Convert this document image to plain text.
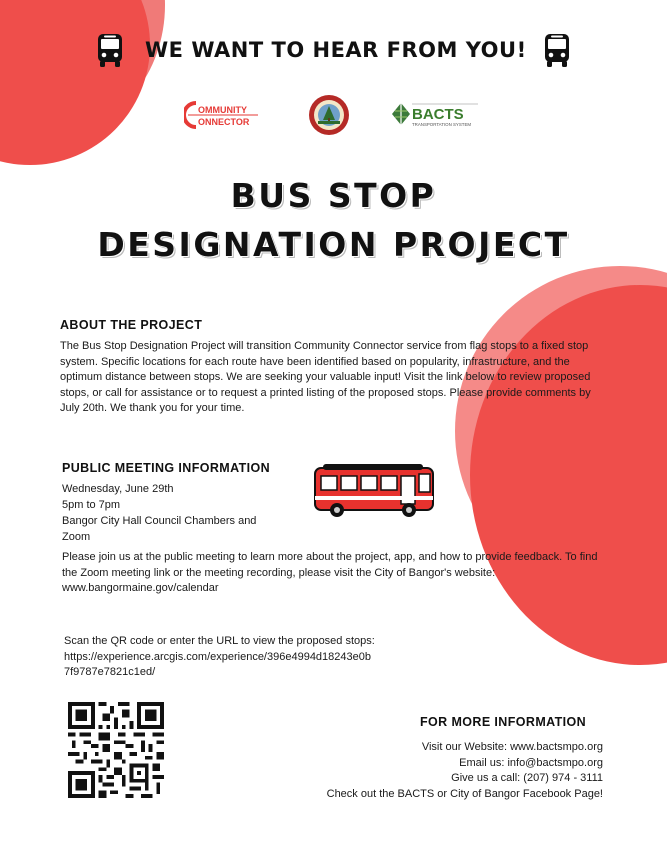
WE WANT TO HEAR FROM YOU!
OMMUNITY
ONNECTOR	BACTS
TRANSPORTATION SYSTEM
BUS STOP
DESIGNATION PROJECT
ABOUT THE PROJECT
The Bus Stop Designation Project will transition Community Connector service from flag stops to a fixed stop system. Specific locations for each route have been identified based on popularity, infrastructure, and the optimum distance between stops. We are seeking your valuable input! Visit the link below to review proposed stops, or call for assistance or to request a printed listing of the proposed stops. Please provide comments by July 20th. We thank you for your time.
PUBLIC MEETING INFORMATION
Wednesday, June 29th
5pm to 7pm
Bangor City Hall Council Chambers and
Zoom
Please join us at the public meeting to learn more about the project, app, and how to provide feedback. To find the Zoom meeting link or the meeting recording, please visit the City of Bangor's website: www.bangormaine.gov/calendar
Scan the QR code or enter the URL to view the proposed stops:
https://experience.arcgis.com/experience/396e4994d18243e0b
7f9787e7821c1ed/
FOR MORE INFORMATION
Visit our Website: www.bactsmpo.org
Email us: info@bactsmpo.org
Give us a call: (207) 974 - 3111
Check out the BACTS or City of Bangor Facebook Page!
